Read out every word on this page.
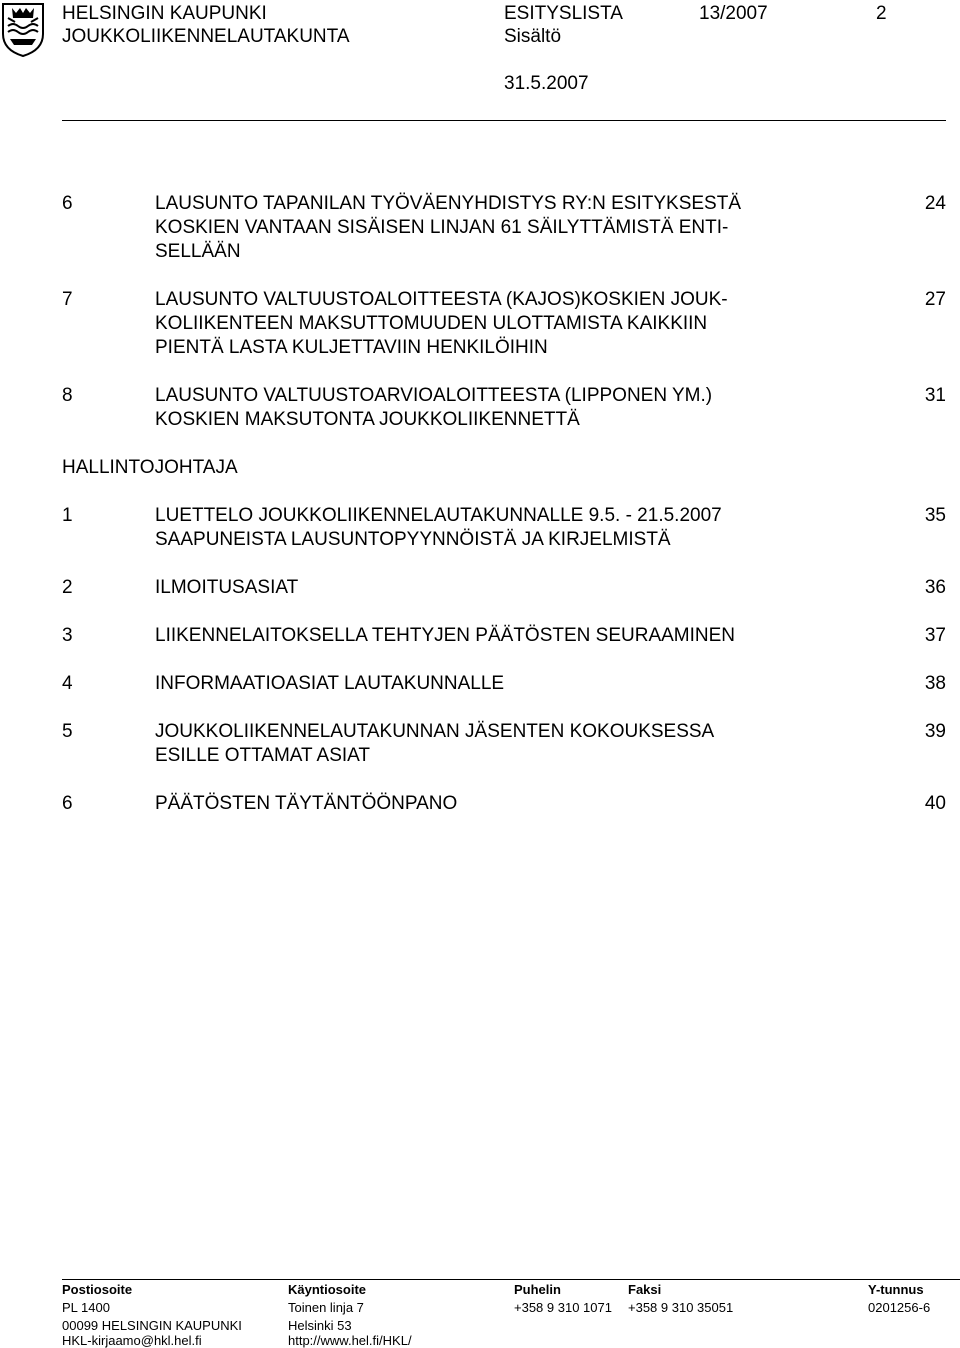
HELSINGIN KAUPUNKI
JOUKKOLIIKENNELAUTAKUNTA
ESITYSLISTA
Sisältö
13/2007	2
31.5.2007
6	LAUSUNTO TAPANILAN TYÖVÄENYHDISTYS RY:N ESITYKSESTÄ
KOSKIEN VANTAAN SISÄISEN LINJAN 61 SÄILYTTÄMISTÄ ENTI-
SELLÄÄN
24
7	LAUSUNTO VALTUUSTOALOITTEESTA (KAJOS)KOSKIEN JOUK-
KOLIIKENTEEN MAKSUTTOMUUDEN ULOTTAMISTA KAIKKIIN
PIENTÄ LASTA KULJETTAVIIN HENKILÖIHIN
27
8	LAUSUNTO VALTUUSTOARVIOALOITTEESTA (LIPPONEN YM.)
KOSKIEN MAKSUTONTA JOUKKOLIIKENNETTÄ
31
HALLINTOJOHTAJA
1	LUETTELO JOUKKOLIIKENNELAUTAKUNNALLE 9.5. - 21.5.2007
SAAPUNEISTA LAUSUNTOPYYNNÖISTÄ JA KIRJELMISTÄ
35
2	ILMOITUSASIAT	36
3	LIIKENNELAITOKSELLA TEHTYJEN PÄÄTÖSTEN SEURAAMINEN	37
4	INFORMAATIOASIAT LAUTAKUNNALLE	38
5	JOUKKOLIIKENNELAUTAKUNNAN JÄSENTEN KOKOUKSESSA
ESILLE OTTAMAT ASIAT
39
6	PÄÄTÖSTEN TÄYTÄNTÖÖNPANO	40
Postiosoite
PL 1400
00099 HELSINGIN KAUPUNKI
HKL-kirjaamo@hkl.hel.fi
Käyntiosoite
Toinen linja 7
Helsinki 53
http://www.hel.fi/HKL/
Puhelin
+358 9 310 1071
Faksi
+358 9 310 35051
Y-tunnus
0201256-6
